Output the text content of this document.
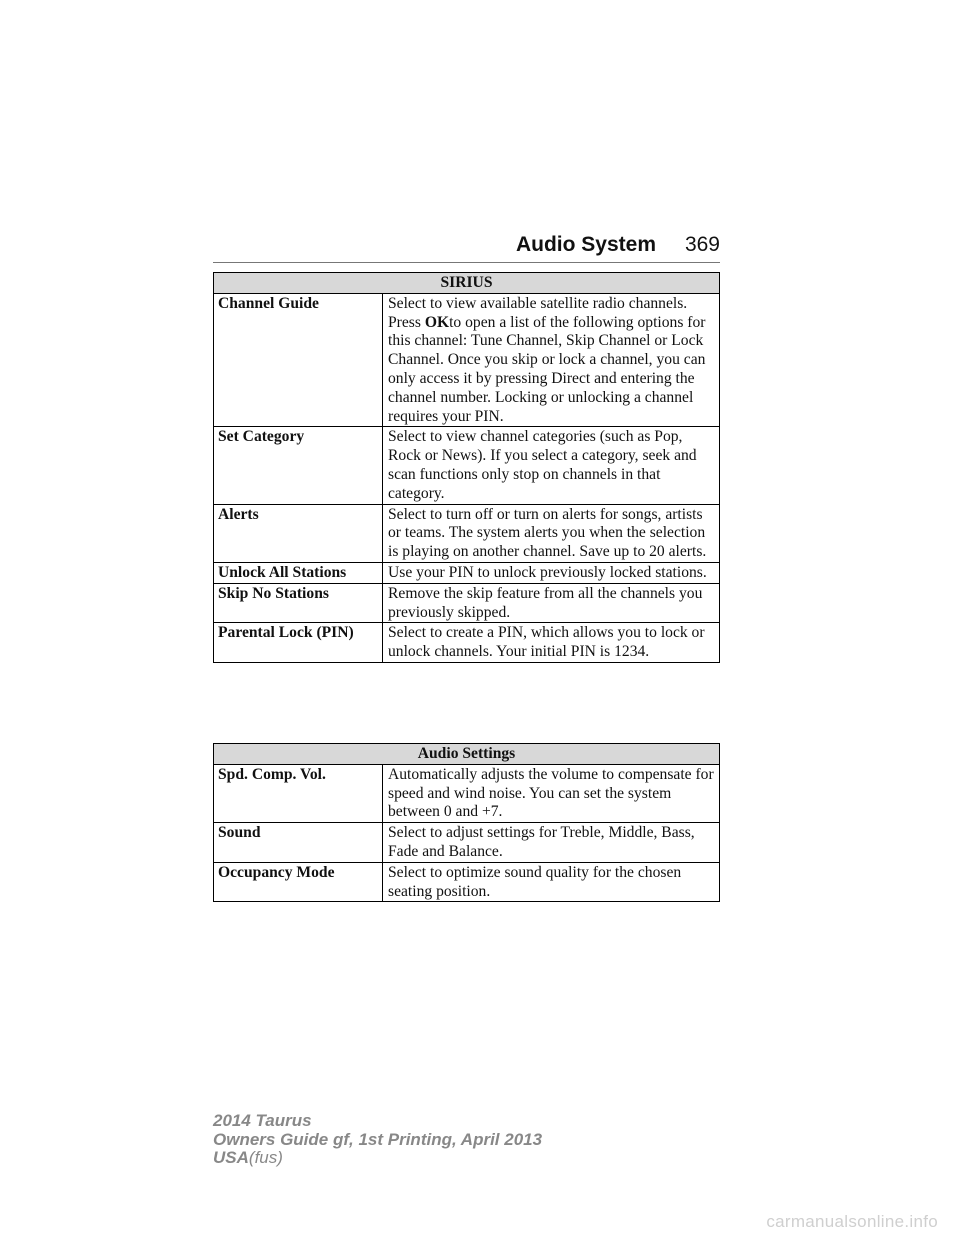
Audio System 369
SIRIUS	
Channel Guide	Select to view available satellite radio channels. Press OKto open a list of the following options for this channel: Tune Channel, Skip Channel or Lock Channel. Once you skip or lock a channel, you can only access it by pressing Direct and entering the channel number. Locking or unlocking a channel requires your PIN.
Set Category	Select to view channel categories (such as Pop, Rock or News). If you select a category, seek and scan functions only stop on channels in that category.
Alerts	Select to turn off or turn on alerts for songs, artists or teams. The system alerts you when the selection is playing on another channel. Save up to 20 alerts.
Unlock All Stations	Use your PIN to unlock previously locked stations.
Skip No Stations	Remove the skip feature from all the channels you previously skipped.
Parental Lock (PIN)	Select to create a PIN, which allows you to lock or unlock channels. Your initial PIN is 1234.
Audio Settings	
Spd. Comp. Vol.	Automatically adjusts the volume to compensate for speed and wind noise. You can set the system between 0 and +7.
Sound	Select to adjust settings for Treble, Middle, Bass, Fade and Balance.
Occupancy Mode	Select to optimize sound quality for the chosen seating position.
2014 Taurus
Owners Guide gf, 1st Printing, April 2013
USA(fus)
carmanualsonline.info
